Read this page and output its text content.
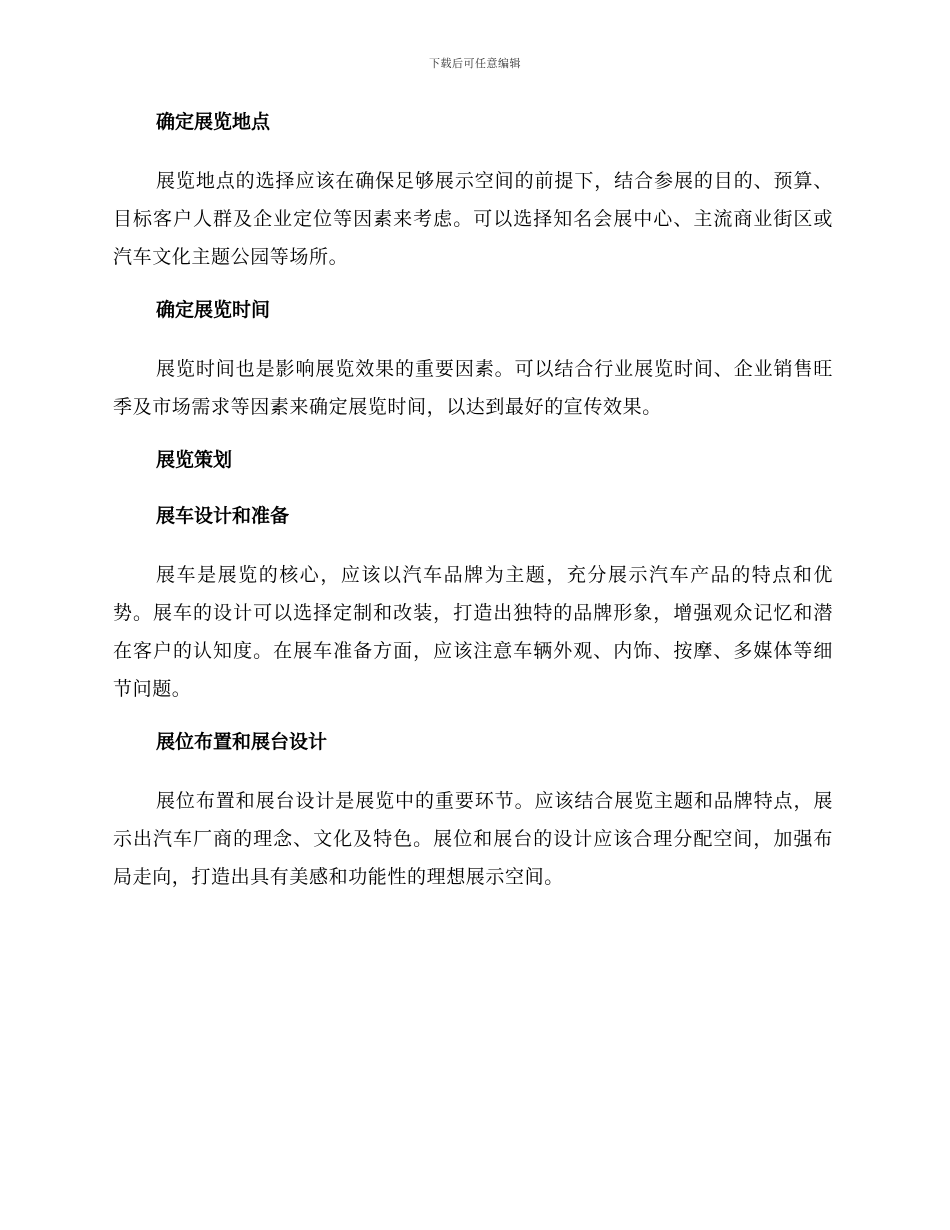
下载后可任意编辑
确定展览地点
展览地点的选择应该在确保足够展示空间的前提下，结合参展的目的、预算、目标客户人群及企业定位等因素来考虑。可以选择知名会展中心、主流商业街区或汽车文化主题公园等场所。
确定展览时间
展览时间也是影响展览效果的重要因素。可以结合行业展览时间、企业销售旺季及市场需求等因素来确定展览时间，以达到最好的宣传效果。
展览策划
展车设计和准备
展车是展览的核心，应该以汽车品牌为主题，充分展示汽车产品的特点和优势。展车的设计可以选择定制和改装，打造出独特的品牌形象，增强观众记忆和潜在客户的认知度。在展车准备方面，应该注意车辆外观、内饰、按摩、多媒体等细节问题。
展位布置和展台设计
展位布置和展台设计是展览中的重要环节。应该结合展览主题和品牌特点，展示出汽车厂商的理念、文化及特色。展位和展台的设计应该合理分配空间，加强布局走向，打造出具有美感和功能性的理想展示空间。
